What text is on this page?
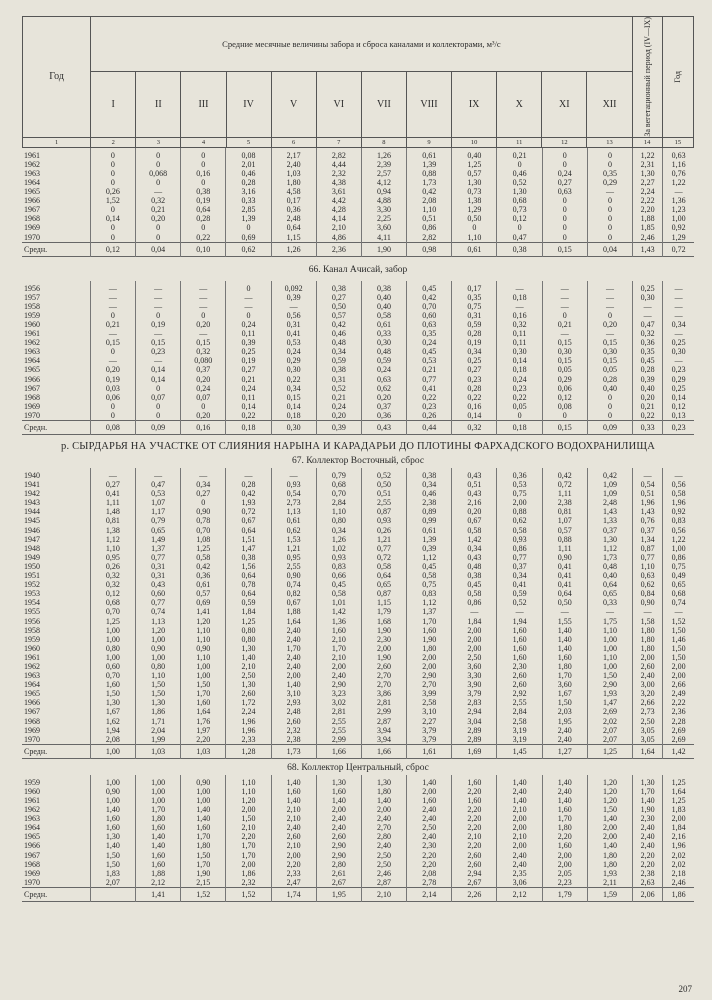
Год	Средние месячные величины забора и сброса каналами и коллекторами, м³/с												За вегетационный период (IV—IX)	Год

	I	II	III	IV	V	VI	VII	VIII	IX	X	XI	XII		
1	2	3	4	5	6	7	8	9	10	11	12	13	14	15
1961	0	0	0	0,08	2,17	2,82	1,26	0,61	0,40	0,21	0	0	1,22	0,63
1962	0	0	0	2,01	2,40	4,44	2,39	1,39	1,25	0	0	0	2,31	1,16
1963	0	0,068	0,16	0,46	1,03	2,32	2,57	0,88	0,57	0,46	0,24	0,35	1,30	0,76
1964	0	0	0	0,28	1,80	4,38	4,12	1,73	1,30	0,52	0,27	0,29	2,27	1,22
1965	0,26	—	0,38	3,16	4,58	3,61	0,94	0,42	0,73	1,30	0,63	—	2,24	—
1966	1,52	0,32	0,19	0,33	0,17	4,42	4,88	2,08	1,38	0,68	0	0	2,22	1,36
1967	0	0,21	0,64	2,85	0,36	4,28	3,30	1,10	1,29	0,73	0	0	2,20	1,23
1968	0,14	0,20	0,28	1,39	2,48	4,14	2,25	0,51	0,50	0,12	0	0	1,88	1,00
1969	0	0	0	0	0,64	2,10	3,60	0,86	0	0	0	0	1,85	0,92
1970	0	0	0,22	0,69	1,15	4,86	4,11	2,82	1,10	0,47	0	0	2,46	1,29
Средн.	0,12	0,04	0,10	0,62	1,26	2,36	1,90	0,98	0,61	0,38	0,15	0,04	1,43	0,72
66. Канал Ачисай, забор
1956	—	—	—	0	0,092	0,38	0,38	0,45	0,17	—	—	—	0,25	—
1957	—	—	—	—	0,39	0,27	0,40	0,42	0,35	0,18	—	—	0,30	—
1958	—	—	—	—	—	0,50	0,40	0,70	0,75	—	—	—	—	—
1959	0	0	0	0	0,56	0,57	0,58	0,60	0,31	0,16	0	0	—	—
1960	0,21	0,19	0,20	0,24	0,31	0,42	0,61	0,63	0,59	0,32	0,21	0,20	0,47	0,34
1961	—	—	—	0,11	0,41	0,46	0,33	0,35	0,28	0,11	—	—	0,32	—
1962	0,15	0,15	0,15	0,39	0,53	0,48	0,30	0,24	0,19	0,11	0,15	0,15	0,36	0,25
1963	0	0,23	0,32	0,25	0,24	0,34	0,48	0,45	0,34	0,30	0,30	0,30	0,35	0,30
1964	—	—	0,080	0,19	0,29	0,59	0,59	0,53	0,25	0,14	0,15	0,15	0,45	—
1965	0,20	0,14	0,37	0,27	0,30	0,38	0,24	0,21	0,27	0,18	0,05	0,05	0,28	0,23
1966	0,19	0,14	0,20	0,21	0,22	0,31	0,63	0,77	0,23	0,24	0,29	0,28	0,39	0,29
1967	0,03	0	0,24	0,24	0,34	0,52	0,62	0,41	0,28	0,23	0,06	0,40	0,40	0,25
1968	0,06	0,07	0,07	0,11	0,15	0,21	0,20	0,22	0,22	0,22	0,12	0	0,20	0,14
1969	0	0	0	0,14	0,14	0,24	0,37	0,23	0,16	0,05	0,08	0	0,21	0,12
1970	0	0	0,20	0,22	0,18	0,20	0,36	0,26	0,14	0	0	0	0,22	0,13
Средн.	0,08	0,09	0,16	0,18	0,30	0,39	0,43	0,44	0,32	0,18	0,15	0,09	0,33	0,23
р. СЫРДАРЬЯ НА УЧАСТКЕ ОТ СЛИЯНИЯ НАРЫНА И КАРАДАРЬИ ДО ПЛОТИНЫ ФАРХАДСКОГО ВОДОХРАНИЛИЩА
67. Коллектор Восточный, сброс
1940	—	—	—	—	—	0,79	0,52	0,38	0,43	0,36	0,42	0,42	—	—
1941	0,27	0,47	0,34	0,28	0,93	0,68	0,50	0,34	0,51	0,53	0,72	1,09	0,54	0,56
1942	0,41	0,53	0,27	0,42	0,54	0,70	0,51	0,46	0,43	0,75	1,11	1,09	0,51	0,58
1943	1,11	1,07	0	1,93	2,73	2,84	2,55	2,38	2,16	2,00	2,38	2,48	1,96	1,96
1944	1,48	1,17	0,90	0,72	1,13	1,10	0,87	0,89	0,20	0,88	0,81	1,43	1,43	0,92
1945	0,81	0,79	0,78	0,67	0,61	0,80	0,93	0,99	0,67	0,62	1,07	1,33	0,76	0,83
1946	1,38	0,65	0,70	0,64	0,62	0,34	0,26	0,61	0,58	0,58	0,57	0,37	0,37	0,56
1947	1,12	1,49	1,08	1,51	1,53	1,26	1,21	1,39	1,42	0,93	0,88	1,30	1,34	1,22
1948	1,10	1,37	1,25	1,47	1,21	1,02	0,77	0,39	0,34	0,86	1,11	1,12	0,87	1,00
1949	0,95	0,77	0,58	0,38	0,95	0,93	0,72	1,12	0,43	0,77	0,90	1,73	0,77	0,86
1950	0,26	0,31	0,42	1,56	2,55	0,83	0,58	0,45	0,48	0,37	0,41	0,48	1,10	0,75
1951	0,32	0,31	0,36	0,64	0,90	0,66	0,64	0,58	0,38	0,34	0,41	0,40	0,63	0,49
1952	0,32	0,43	0,61	0,78	0,74	0,45	0,65	0,75	0,45	0,41	0,41	0,64	0,62	0,65
1953	0,12	0,60	0,57	0,64	0,82	0,58	0,87	0,83	0,58	0,59	0,64	0,65	0,84	0,68
1954	0,68	0,77	0,69	0,59	0,67	1,01	1,15	1,12	0,86	0,52	0,50	0,33	0,90	0,74
1955	0,70	0,74	1,41	1,84	1,88	1,42	1,79	1,37	—	—	—	—	—	—
1956	1,25	1,13	1,20	1,25	1,64	1,36	1,68	1,70	1,84	1,94	1,55	1,75	1,58	1,52
1958	1,00	1,20	1,10	0,80	2,40	1,60	1,90	1,60	2,00	1,60	1,40	1,10	1,80	1,50
1959	1,00	1,00	1,10	0,80	2,40	2,10	2,30	1,90	2,00	1,60	1,40	1,00	1,80	1,46
1960	0,80	0,90	0,90	1,30	1,70	1,70	2,00	1,80	2,00	1,60	1,40	1,00	1,80	1,50
1961	1,00	1,00	1,10	1,40	2,40	2,10	1,90	2,00	2,50	1,60	1,60	1,10	2,00	1,50
1962	0,60	0,80	1,00	2,10	2,40	2,00	2,60	2,00	3,60	2,30	1,80	1,00	2,60	2,00
1963	0,70	1,10	1,00	2,50	2,00	2,40	2,70	2,90	3,30	2,60	1,70	1,50	2,40	2,00
1964	1,60	1,50	1,50	1,30	1,40	2,90	2,70	2,70	3,90	2,60	3,60	2,90	3,00	2,66
1965	1,50	1,50	1,70	2,60	3,10	3,23	3,86	3,99	3,79	2,92	1,67	1,93	3,20	2,49
1966	1,30	1,30	1,60	1,72	2,93	3,02	2,81	2,58	2,83	2,55	1,50	1,47	2,66	2,22
1967	1,67	1,86	1,64	2,24	2,48	2,81	2,99	3,10	2,94	2,84	2,03	2,69	2,73	2,36
1968	1,62	1,71	1,76	1,96	2,60	2,55	2,87	2,27	3,04	2,58	1,95	2,02	2,50	2,28
1969	1,94	2,04	1,97	1,96	2,32	2,55	3,94	3,79	2,89	3,19	2,40	2,07	3,05	2,69
1970	2,08	1,99	2,20	2,33	2,38	2,99	3,94	3,79	2,89	3,19	2,40	2,07	3,05	2,69
Средн.	1,00	1,03	1,03	1,28	1,73	1,66	1,66	1,61	1,69	1,45	1,27	1,25	1,64	1,42
68. Коллектор Центральный, сброс
1959	1,00	1,00	0,90	1,10	1,40	1,30	1,30	1,40	1,60	1,40	1,40	1,20	1,30	1,25
1960	0,90	1,00	1,00	1,10	1,60	1,60	1,80	2,00	2,20	2,40	2,40	1,20	1,70	1,64
1961	1,00	1,00	1,00	1,20	1,40	1,40	1,40	1,60	1,60	1,40	1,40	1,20	1,40	1,25
1962	1,40	1,70	1,40	2,00	2,10	2,00	2,00	2,40	2,20	2,10	1,60	1,50	1,90	1,83
1963	1,60	1,80	1,40	1,50	2,10	2,40	2,40	2,40	2,20	2,00	1,70	1,40	2,30	2,00
1964	1,60	1,60	1,60	2,10	2,40	2,40	2,70	2,50	2,20	2,00	1,80	2,00	2,40	1,84
1965	1,30	1,40	1,70	2,20	2,60	2,60	2,80	2,40	2,10	2,10	2,20	2,00	2,40	2,16
1966	1,40	1,40	1,80	1,70	2,10	2,90	2,40	2,30	2,20	2,00	1,60	1,40	2,40	1,96
1967	1,50	1,60	1,50	1,70	2,00	2,90	2,50	2,20	2,60	2,40	2,00	1,80	2,20	2,02
1968	1,50	1,60	1,70	2,00	2,20	2,80	2,50	2,20	2,60	2,40	2,00	1,80	2,20	2,02
1969	1,83	1,88	1,90	1,86	2,33	2,61	2,46	2,08	2,94	2,35	2,05	1,93	2,38	2,18
1970	2,07	2,12	2,15	2,32	2,47	2,67	2,87	2,78	2,67	3,06	2,23	2,11	2,63	2,46
Средн.		1,41	1,52	1,52	1,74	1,95	2,10	2,14	2,26	2,12	1,79	1,59	2,06	1,86
207
